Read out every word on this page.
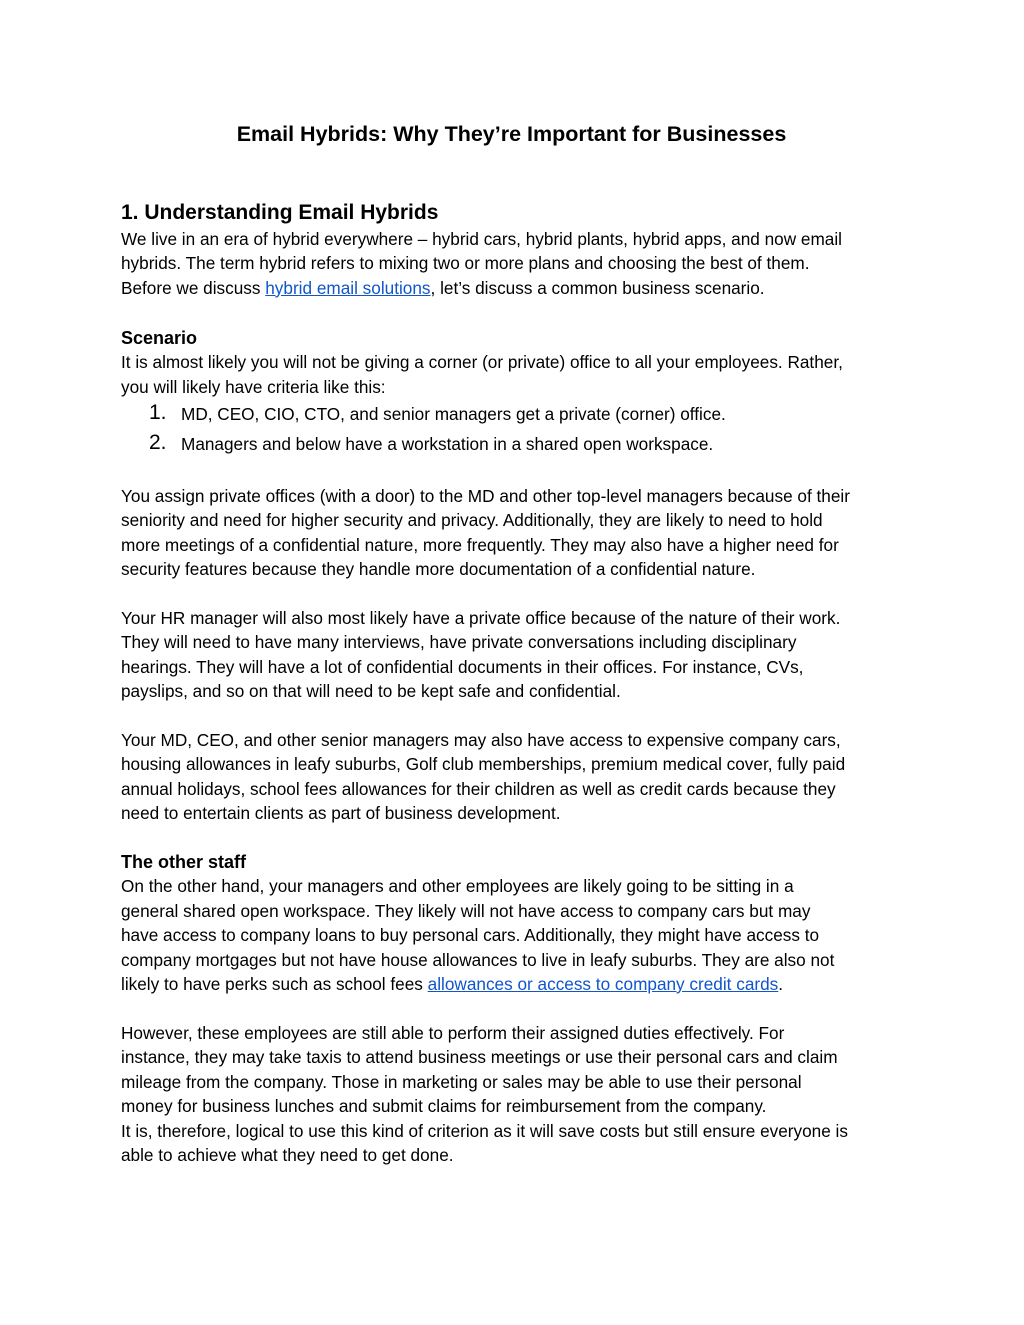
Email Hybrids: Why They’re Important for Businesses
1. Understanding Email Hybrids

We live in an era of hybrid everywhere – hybrid cars, hybrid plants, hybrid apps, and now email

hybrids. The term hybrid refers to mixing two or more plans and choosing the best of them.

Before we discuss hybrid email solutions, let’s discuss a common business scenario.

Scenario

It is almost likely you will not be giving a corner (or private) office to all your employees. Rather,

you will likely have criteria like this:

1. MD, CEO, CIO, CTO, and senior managers get a private (corner) office.
2. Managers and below have a workstation in a shared open workspace.

You assign private offices (with a door) to the MD and other top-level managers because of their

seniority and need for higher security and privacy. Additionally, they are likely to need to hold

more meetings of a confidential nature, more frequently. They may also have a higher need for

security features because they handle more documentation of a confidential nature.

Your HR manager will also most likely have a private office because of the nature of their work.

They will need to have many interviews, have private conversations including disciplinary

hearings. They will have a lot of confidential documents in their offices. For instance, CVs,

payslips, and so on that will need to be kept safe and confidential.

Your MD, CEO, and other senior managers may also have access to expensive company cars,

housing allowances in leafy suburbs, Golf club memberships, premium medical cover, fully paid

annual holidays, school fees allowances for their children as well as credit cards because they

need to entertain clients as part of business development.

The other staff

On the other hand, your managers and other employees are likely going to be sitting in a

general shared open workspace. They likely will not have access to company cars but may

have access to company loans to buy personal cars. Additionally, they might have access to

company mortgages but not have house allowances to live in leafy suburbs. They are also not

likely to have perks such as school fees allowances or access to company credit cards.

However, these employees are still able to perform their assigned duties effectively. For

instance, they may take taxis to attend business meetings or use their personal cars and claim

mileage from the company. Those in marketing or sales may be able to use their personal

money for business lunches and submit claims for reimbursement from the company.

It is, therefore, logical to use this kind of criterion as it will save costs but still ensure everyone is

able to achieve what they need to get done.
